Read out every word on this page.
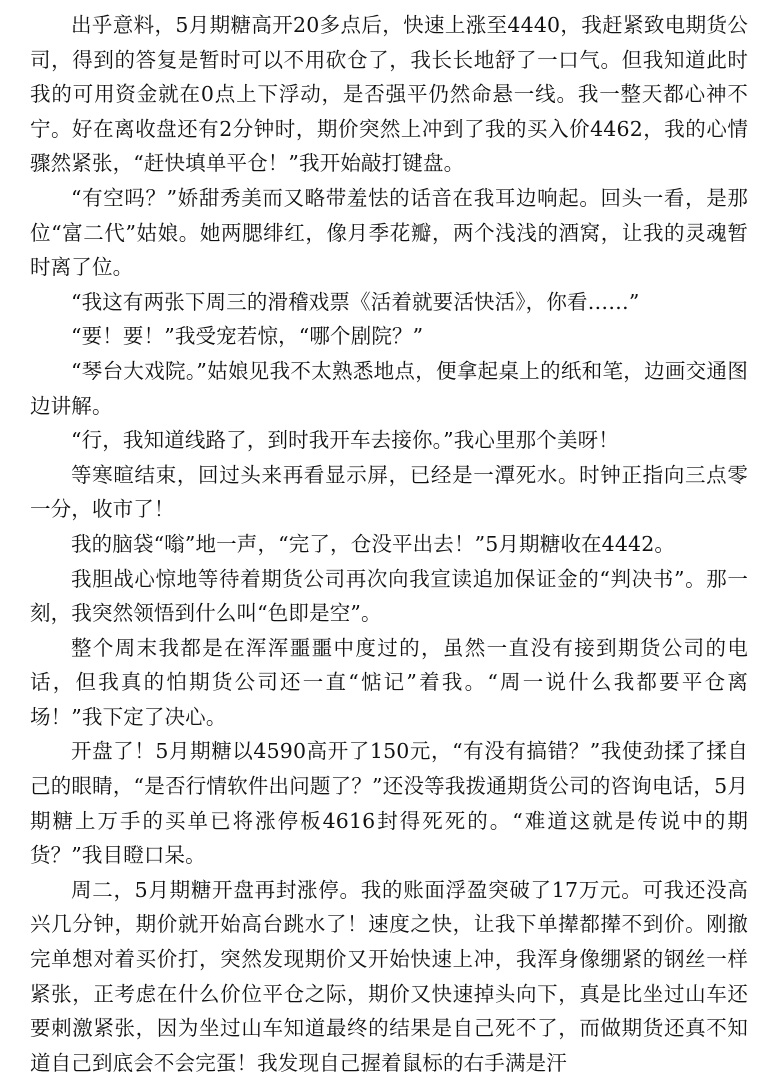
出乎意料，5月期糖高开20多点后，快速上涨至4440，我赶紧致电期货公司，得到的答复是暂时可以不用砍仓了，我长长地舒了一口气。但我知道此时我的可用资金就在0点上下浮动，是否强平仍然命悬一线。我一整天都心神不宁。好在离收盘还有2分钟时，期价突然上冲到了我的买入价4462，我的心情骤然紧张，“赶快填单平仓！”我开始敲打键盘。

“有空吗？”娇甜秀美而又略带羞怯的话音在我耳边响起。回头一看，是那位“富二代”姑娘。她两腮绯红，像月季花瓣，两个浅浅的酒窝，让我的灵魂暂时离了位。

“我这有两张下周三的滑稽戏票《活着就要活快活》，你看……”

“要！要！”我受宠若惊，“哪个剧院？”

“琴台大戏院。”姑娘见我不太熟悉地点，便拿起桌上的纸和笔，边画交通图边讲解。

“行，我知道线路了，到时我开车去接你。”我心里那个美呀！

等寒暄结束，回过头来再看显示屏，已经是一潭死水。时钟正指向三点零一分，收市了！

我的脑袋“嗡”地一声，“完了，仓没平出去！”5月期糖收在4442。

我胆战心惊地等待着期货公司再次向我宣读追加保证金的“判决书”。那一刻，我突然领悟到什么叫“色即是空”。

整个周末我都是在浑浑噩噩中度过的，虽然一直没有接到期货公司的电话，但我真的怕期货公司还一直“惦记”着我。“周一说什么我都要平仓离场！”我下定了决心。

开盘了！5月期糖以4590高开了150元，“有没有搞错？”我使劲揉了揉自己的眼睛，“是否行情软件出问题了？”还没等我拨通期货公司的咨询电话，5月期糖上万手的买单已将涨停板4616封得死死的。“难道这就是传说中的期货？”我目瞪口呆。

周二，5月期糖开盘再封涨停。我的账面浮盈突破了17万元。可我还没高兴几分钟，期价就开始高台跳水了！速度之快，让我下单撵都撵不到价。刚撤完单想对着买价打，突然发现期价又开始快速上冲，我浑身像绷紧的钢丝一样紧张，正考虑在什么价位平仓之际，期价又快速掉头向下，真是比坐过山车还要刺激紧张，因为坐过山车知道最终的结果是自己死不了，而做期货还真不知道自己到底会不会完蛋！我发现自己握着鼠标的右手满是汗
